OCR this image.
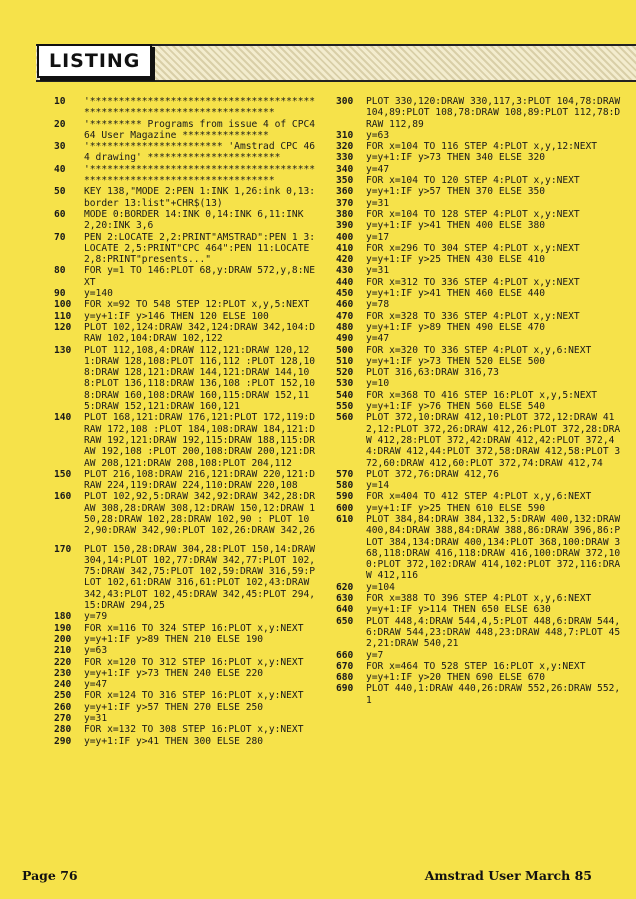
LISTING
10	'************************************************************************
20	'********* Programs from issue 4 of CPC464 User Magazine ***************
30	'*********************** 'Amstrad CPC 464 drawing' ***********************
40	'************************************************************************
50	KEY 138,"MODE 2:PEN 1:INK 1,26:ink 0,13:border 13:list"+CHR$(13)
60	MODE 0:BORDER 14:INK 0,14:INK 6,11:INK 2,20:INK 3,6
70	PEN 2:LOCATE 2,2:PRINT"AMSTRAD":PEN 1 3:LOCATE 2,5:PRINT"CPC 464":PEN 11:LOCATE 2,8:PRINT"presents..."
80	FOR y=1 TO 146:PLOT 68,y:DRAW 572,y,8:NEXT
90	y=140
100	FOR x=92 TO 548 STEP 12:PLOT x,y,5:NEXT
110	y=y+1:IF y>146 THEN 120 ELSE 100
120	PLOT 102,124:DRAW 342,124:DRAW 342,104:DRAW 102,104:DRAW 102,122
130	PLOT 112,108,4:DRAW 112,121:DRAW 120,121:DRAW 128,108:PLOT 116,112 :PLOT 128,108:DRAW 128,121:DRAW 144,121:DRAW 144,108:PLOT 136,118:DRAW 136,108 :PLOT 152,108:DRAW 160,108:DRAW 160,115:DRAW 152,115:DRAW 152,121:DRAW 160,121
140	PLOT 168,121:DRAW 176,121:PLOT 172,119:DRAW 172,108 :PLOT 184,108:DRAW 184,121:DRAW 192,121:DRAW 192,115:DRAW 188,115:DRAW 192,108 :PLOT 200,108:DRAW 200,121:DRAW 208,121:DRAW 208,108:PLOT 204,112
150	PLOT 216,108:DRAW 216,121:DRAW 220,121:DRAW 224,119:DRAW 224,110:DRAW 220,108
160	PLOT 102,92,5:DRAW 342,92:DRAW 342,28:DRAW 308,28:DRAW 308,12:DRAW 150,12:DRAW 150,28:DRAW 102,28:DRAW 102,90 : PLOT 102,90:DRAW 342,90:PLOT 102,26:DRAW 342,26
170	PLOT 150,28:DRAW 304,28:PLOT 150,14:DRAW 304,14:PLOT 102,77:DRAW 342,77:PLOT 102,75:DRAW 342,75:PLOT 102,59:DRAW 316,59:PLOT 102,61:DRAW 316,61:PLOT 102,43:DRAW 342,43:PLOT 102,45:DRAW 342,45:PLOT 294,15:DRAW 294,25
180	y=79
190	FOR x=116 TO 324 STEP 16:PLOT x,y:NEXT
200	y=y+1:IF y>89 THEN 210 ELSE 190
210	y=63
220	FOR x=120 TO 312 STEP 16:PLOT x,y:NEXT
230	y=y+1:IF y>73 THEN 240 ELSE 220
240	y=47
250	FOR x=124 TO 316 STEP 16:PLOT x,y:NEXT
260	y=y+1:IF y>57 THEN 270 ELSE 250
270	y=31
280	FOR x=132 TO 308 STEP 16:PLOT x,y:NEXT
290	y=y+1:IF y>41 THEN 300 ELSE 280
300	PLOT 330,120:DRAW 330,117,3:PLOT 104,78:DRAW 104,89:PLOT 108,78:DRAW 108,89:PLOT 112,78:DRAW 112,89
310	y=63
320	FOR x=104 TO 116 STEP 4:PLOT x,y,12:NEXT
330	y=y+1:IF y>73 THEN 340 ELSE 320
340	y=47
350	FOR x=104 TO 120 STEP 4:PLOT x,y:NEXT
360	y=y+1:IF y>57 THEN 370 ELSE 350
370	y=31
380	FOR x=104 TO 128 STEP 4:PLOT x,y:NEXT
390	y=y+1:IF y>41 THEN 400 ELSE 380
400	y=17
410	FOR x=296 TO 304 STEP 4:PLOT x,y:NEXT
420	y=y+1:IF y>25 THEN 430 ELSE 410
430	y=31
440	FOR x=312 TO 336 STEP 4:PLOT x,y:NEXT
450	y=y+1:IF y>41 THEN 460 ELSE 440
460	y=78
470	FOR x=328 TO 336 STEP 4:PLOT x,y:NEXT
480	y=y+1:IF y>89 THEN 490 ELSE 470
490	y=47
500	FOR x=320 TO 336 STEP 4:PLOT x,y,6:NEXT
510	y=y+1:IF y>73 THEN 520 ELSE 500
520	PLOT 316,63:DRAW 316,73
530	y=10
540	FOR x=368 TO 416 STEP 16:PLOT x,y,5:NEXT
550	y=y+1:IF y>76 THEN 560 ELSE 540
560	PLOT 372,10:DRAW 412,10:PLOT 372,12:DRAW 412,12:PLOT 372,26:DRAW 412,26:PLOT 372,28:DRAW 412,28:PLOT 372,42:DRAW 412,42:PLOT 372,44:DRAW 412,44:PLOT 372,58:DRAW 412,58:PLOT 372,60:DRAW 412,60:PLOT 372,74:DRAW 412,74
570	PLOT 372,76:DRAW 412,76
580	y=14
590	FOR x=404 TO 412 STEP 4:PLOT x,y,6:NEXT
600	y=y+1:IF y>25 THEN 610 ELSE 590
610	PLOT 384,84:DRAW 384,132,5:DRAW 400,132:DRAW 400,84:DRAW 388,84:DRAW 388,86:DRAW 396,86:PLOT 384,134:DRAW 400,134:PLOT 368,100:DRAW 368,118:DRAW 416,118:DRAW 416,100:DRAW 372,100:PLOT 372,102:DRAW 414,102:PLOT 372,116:DRAW 412,116
620	y=104
630	FOR x=388 TO 396 STEP 4:PLOT x,y,6:NEXT
640	y=y+1:IF y>114 THEN 650 ELSE 630
650	PLOT 448,4:DRAW 544,4,5:PLOT 448,6:DRAW 544,6:DRAW 544,23:DRAW 448,23:DRAW 448,7:PLOT 452,21:DRAW 540,21
660	y=7
670	FOR x=464 TO 528 STEP 16:PLOT x,y:NEXT
680	y=y+1:IF y>20 THEN 690 ELSE 670
690	PLOT 440,1:DRAW 440,26:DRAW 552,26:DRAW 552,1
Page 76	Amstrad User March 85
